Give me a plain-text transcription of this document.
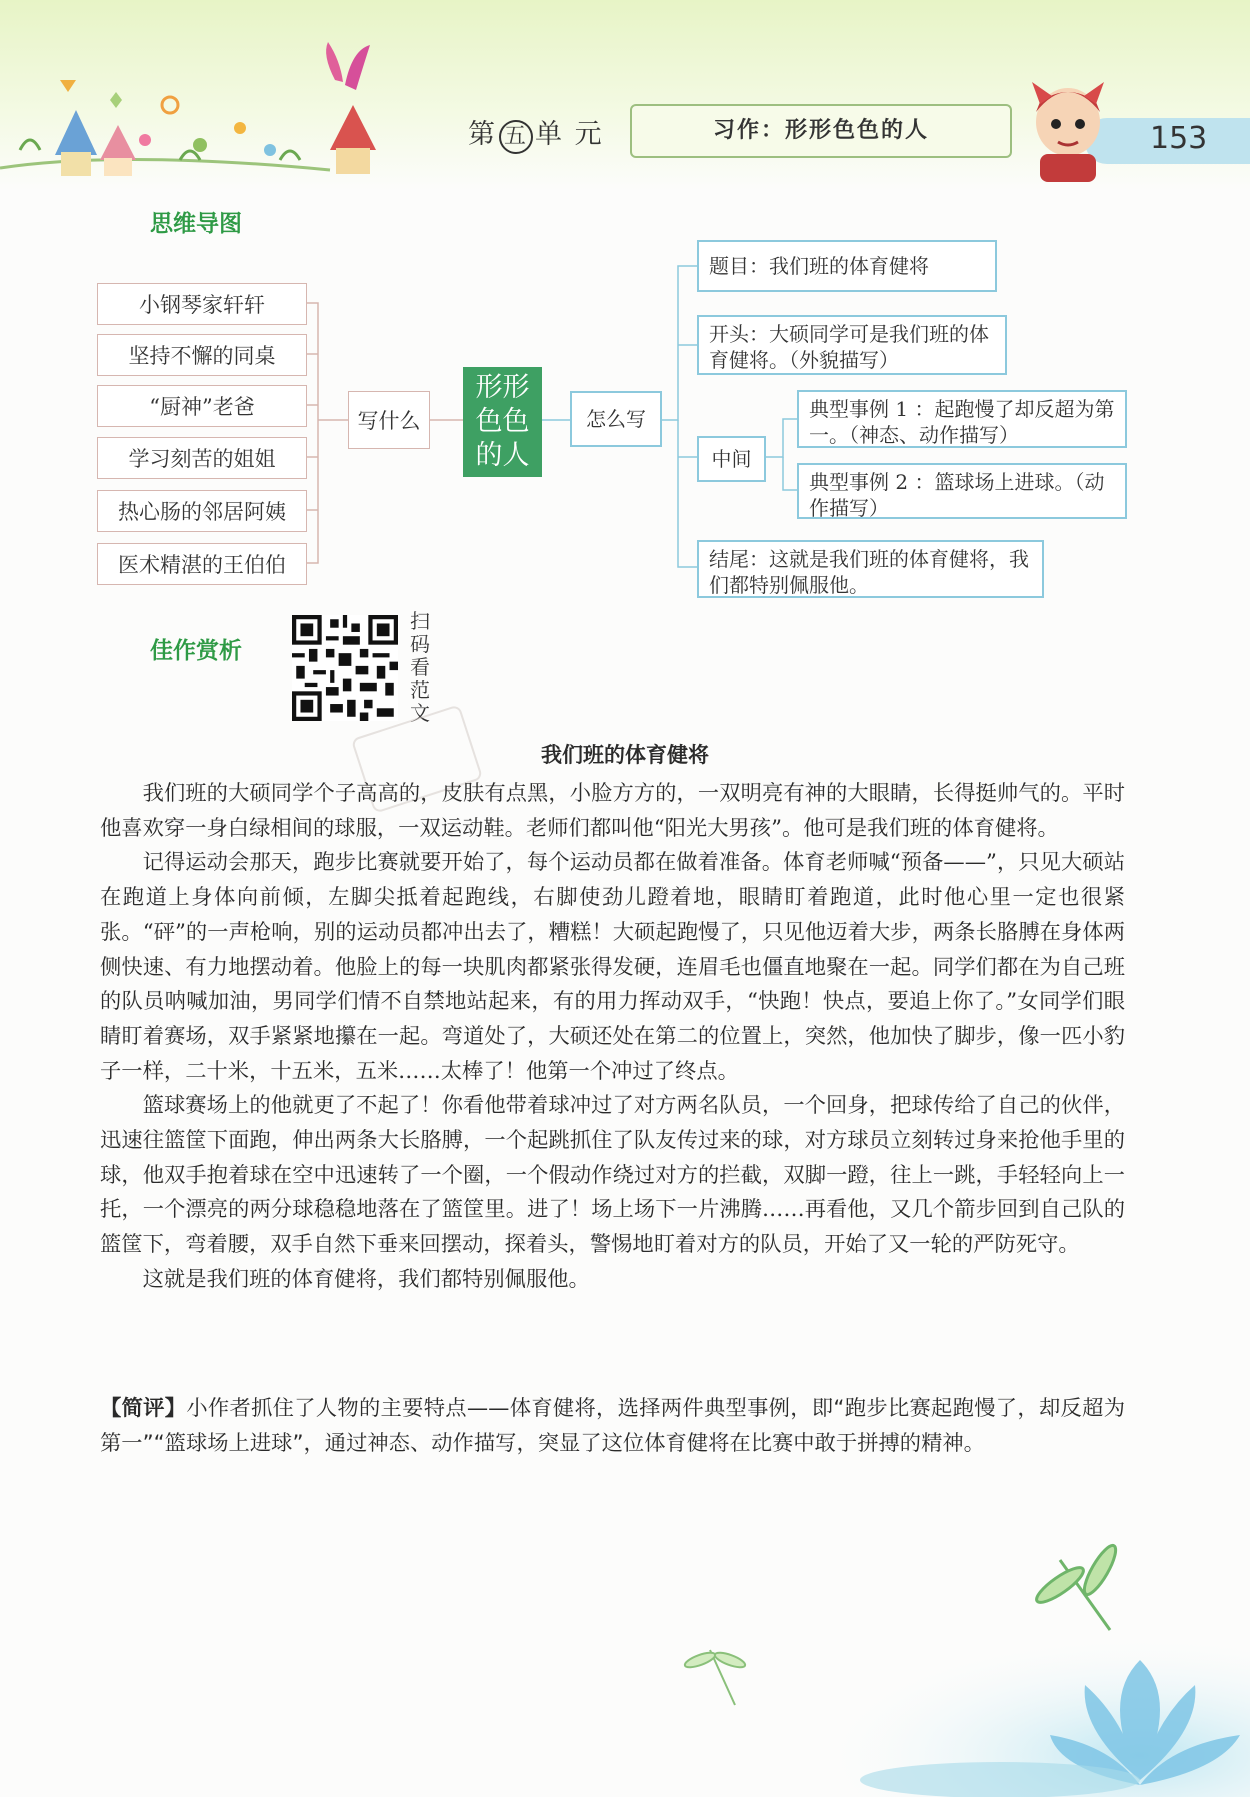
第 五 单 元	习作：形形色色的人	153
思维导图
小钢琴家轩轩
坚持不懈的同桌
“厨神”老爸
学习刻苦的姐姐
热心肠的邻居阿姨
医术精湛的王伯伯
写什么
形形色色的人
怎么写
题目：我们班的体育健将
开头：大硕同学可是我们班的体育健将。（外貌描写）
中间
典型事例 1 ：起跑慢了却反超为第一。（神态、动作描写）
典型事例 2 ：篮球场上进球。（动作描写）
结尾：这就是我们班的体育健将，我们都特别佩服他。
佳作赏析
扫码看范文
我们班的体育健将

我们班的大硕同学个子高高的，皮肤有点黑，小脸方方的，一双明亮有神的大眼睛，长得挺帅气的。平时他喜欢穿一身白绿相间的球服，一双运动鞋。老师们都叫他“阳光大男孩”。他可是我们班的体育健将。

记得运动会那天，跑步比赛就要开始了，每个运动员都在做着准备。体育老师喊“预备——”，只见大硕站在跑道上身体向前倾，左脚尖抵着起跑线，右脚使劲儿蹬着地，眼睛盯着跑道，此时他心里一定也很紧张。“砰”的一声枪响，别的运动员都冲出去了，糟糕！大硕起跑慢了，只见他迈着大步，两条长胳膊在身体两侧快速、有力地摆动着。他脸上的每一块肌肉都紧张得发硬，连眉毛也僵直地聚在一起。同学们都在为自己班的队员呐喊加油，男同学们情不自禁地站起来，有的用力挥动双手，“快跑！快点，要追上你了。”女同学们眼睛盯着赛场，双手紧紧地攥在一起。弯道处了，大硕还处在第二的位置上，突然，他加快了脚步，像一匹小豹子一样，二十米，十五米，五米……太棒了！他第一个冲过了终点。

篮球赛场上的他就更了不起了！你看他带着球冲过了对方两名队员，一个回身，把球传给了自己的伙伴，迅速往篮筐下面跑，伸出两条大长胳膊，一个起跳抓住了队友传过来的球，对方球员立刻转过身来抢他手里的球，他双手抱着球在空中迅速转了一个圈，一个假动作绕过对方的拦截，双脚一蹬，往上一跳，手轻轻向上一托，一个漂亮的两分球稳稳地落在了篮筐里。进了！场上场下一片沸腾……再看他，又几个箭步回到自己队的篮筐下，弯着腰，双手自然下垂来回摆动，探着头，警惕地盯着对方的队员，开始了又一轮的严防死守。

这就是我们班的体育健将，我们都特别佩服他。

【简评】小作者抓住了人物的主要特点——体育健将，选择两件典型事例，即“跑步比赛起跑慢了，却反超为第一”“篮球场上进球”，通过神态、动作描写，突显了这位体育健将在比赛中敢于拼搏的精神。
